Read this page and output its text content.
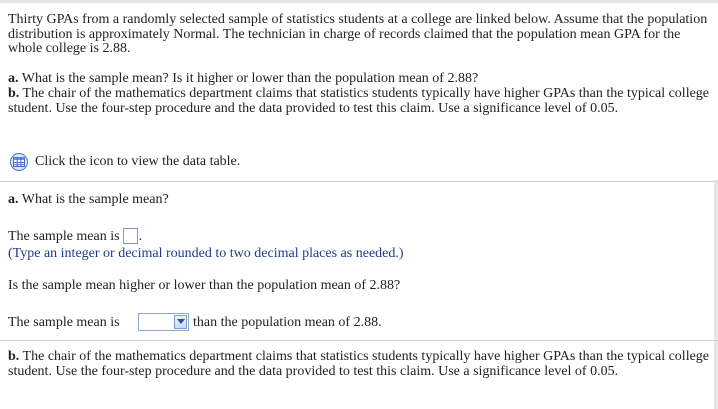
Thirty GPAs from a randomly selected sample of statistics students at a college are linked below. Assume that the population distribution is approximately Normal. The technician in charge of records claimed that the population mean GPA for the whole college is 2.88.

a. What is the sample mean? Is it higher or lower than the population mean of 2.88?

b. The chair of the mathematics department claims that statistics students typically have higher GPAs than the typical college student. Use the four-step procedure and the data provided to test this claim. Use a significance level of 0.05.

Click the icon to view the data table.

a. What is the sample mean?

The sample mean is .

(Type an integer or decimal rounded to two decimal places as needed.)

Is the sample mean higher or lower than the population mean of 2.88?

The sample mean is	than the population mean of 2.88.

b. The chair of the mathematics department claims that statistics students typically have higher GPAs than the typical college student. Use the four-step procedure and the data provided to test this claim. Use a significance level of 0.05.
